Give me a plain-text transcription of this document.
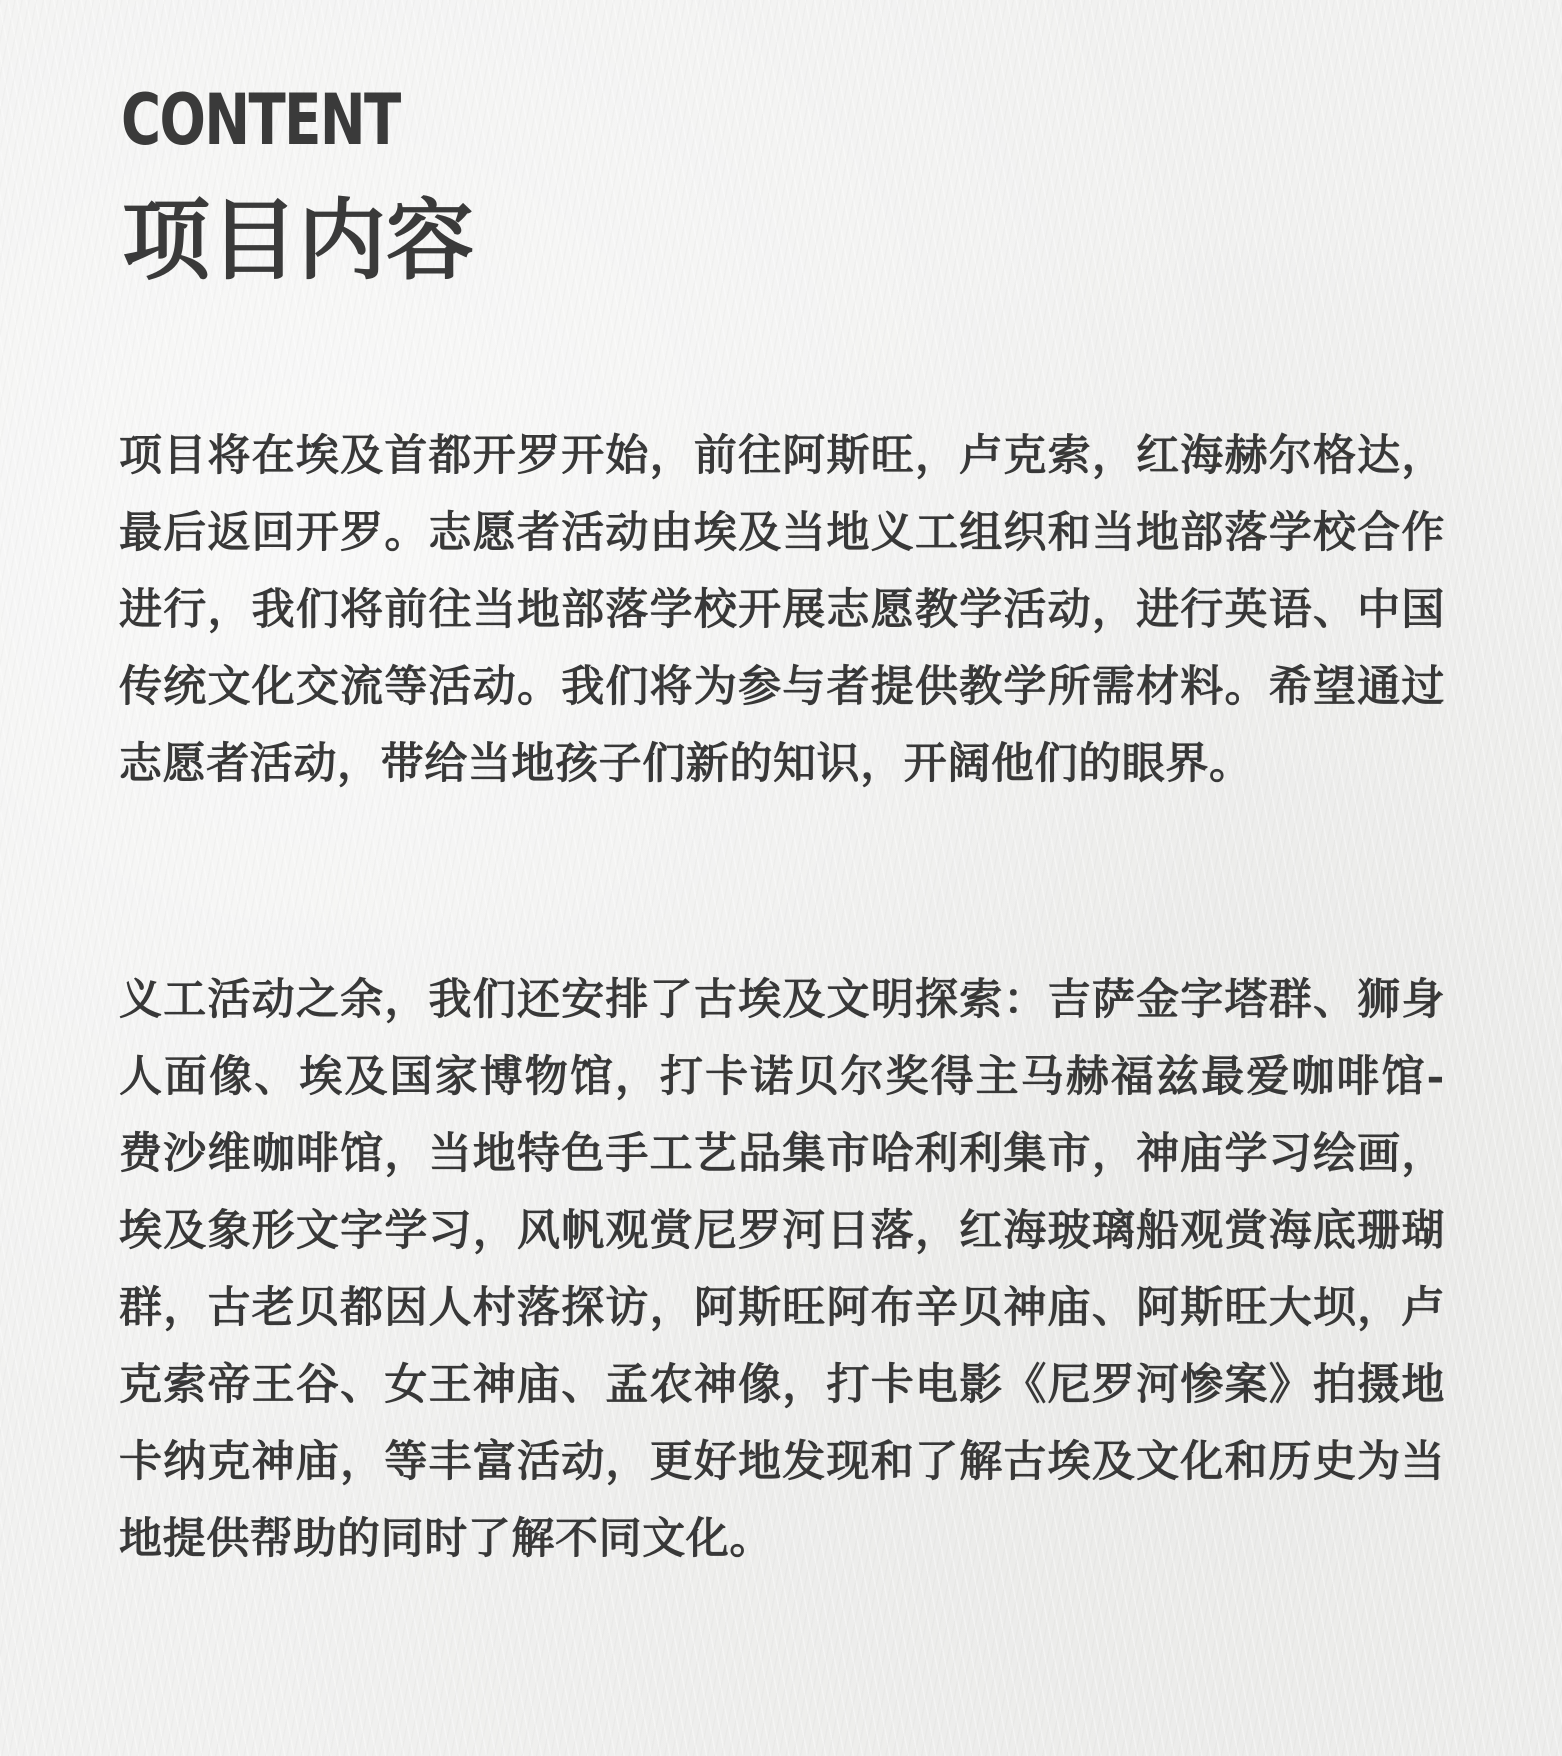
CONTENT
项目内容

项目将在埃及首都开罗开始，前往阿斯旺，卢克索，红海赫尔格达，最后返回开罗。志愿者活动由埃及当地义工组织和当地部落学校合作进行，我们将前往当地部落学校开展志愿教学活动，进行英语、中国传统文化交流等活动。我们将为参与者提供教学所需材料。希望通过志愿者活动，带给当地孩子们新的知识，开阔他们的眼界。

义工活动之余，我们还安排了古埃及文明探索：吉萨金字塔群、狮身人面像、埃及国家博物馆，打卡诺贝尔奖得主马赫福兹最爱咖啡馆-费沙维咖啡馆，当地特色手工艺品集市哈利利集市，神庙学习绘画，埃及象形文字学习，风帆观赏尼罗河日落，红海玻璃船观赏海底珊瑚群，古老贝都因人村落探访，阿斯旺阿布辛贝神庙、阿斯旺大坝，卢克索帝王谷、女王神庙、孟农神像，打卡电影《尼罗河惨案》拍摄地卡纳克神庙，等丰富活动，更好地发现和了解古埃及文化和历史为当地提供帮助的同时了解不同文化。
